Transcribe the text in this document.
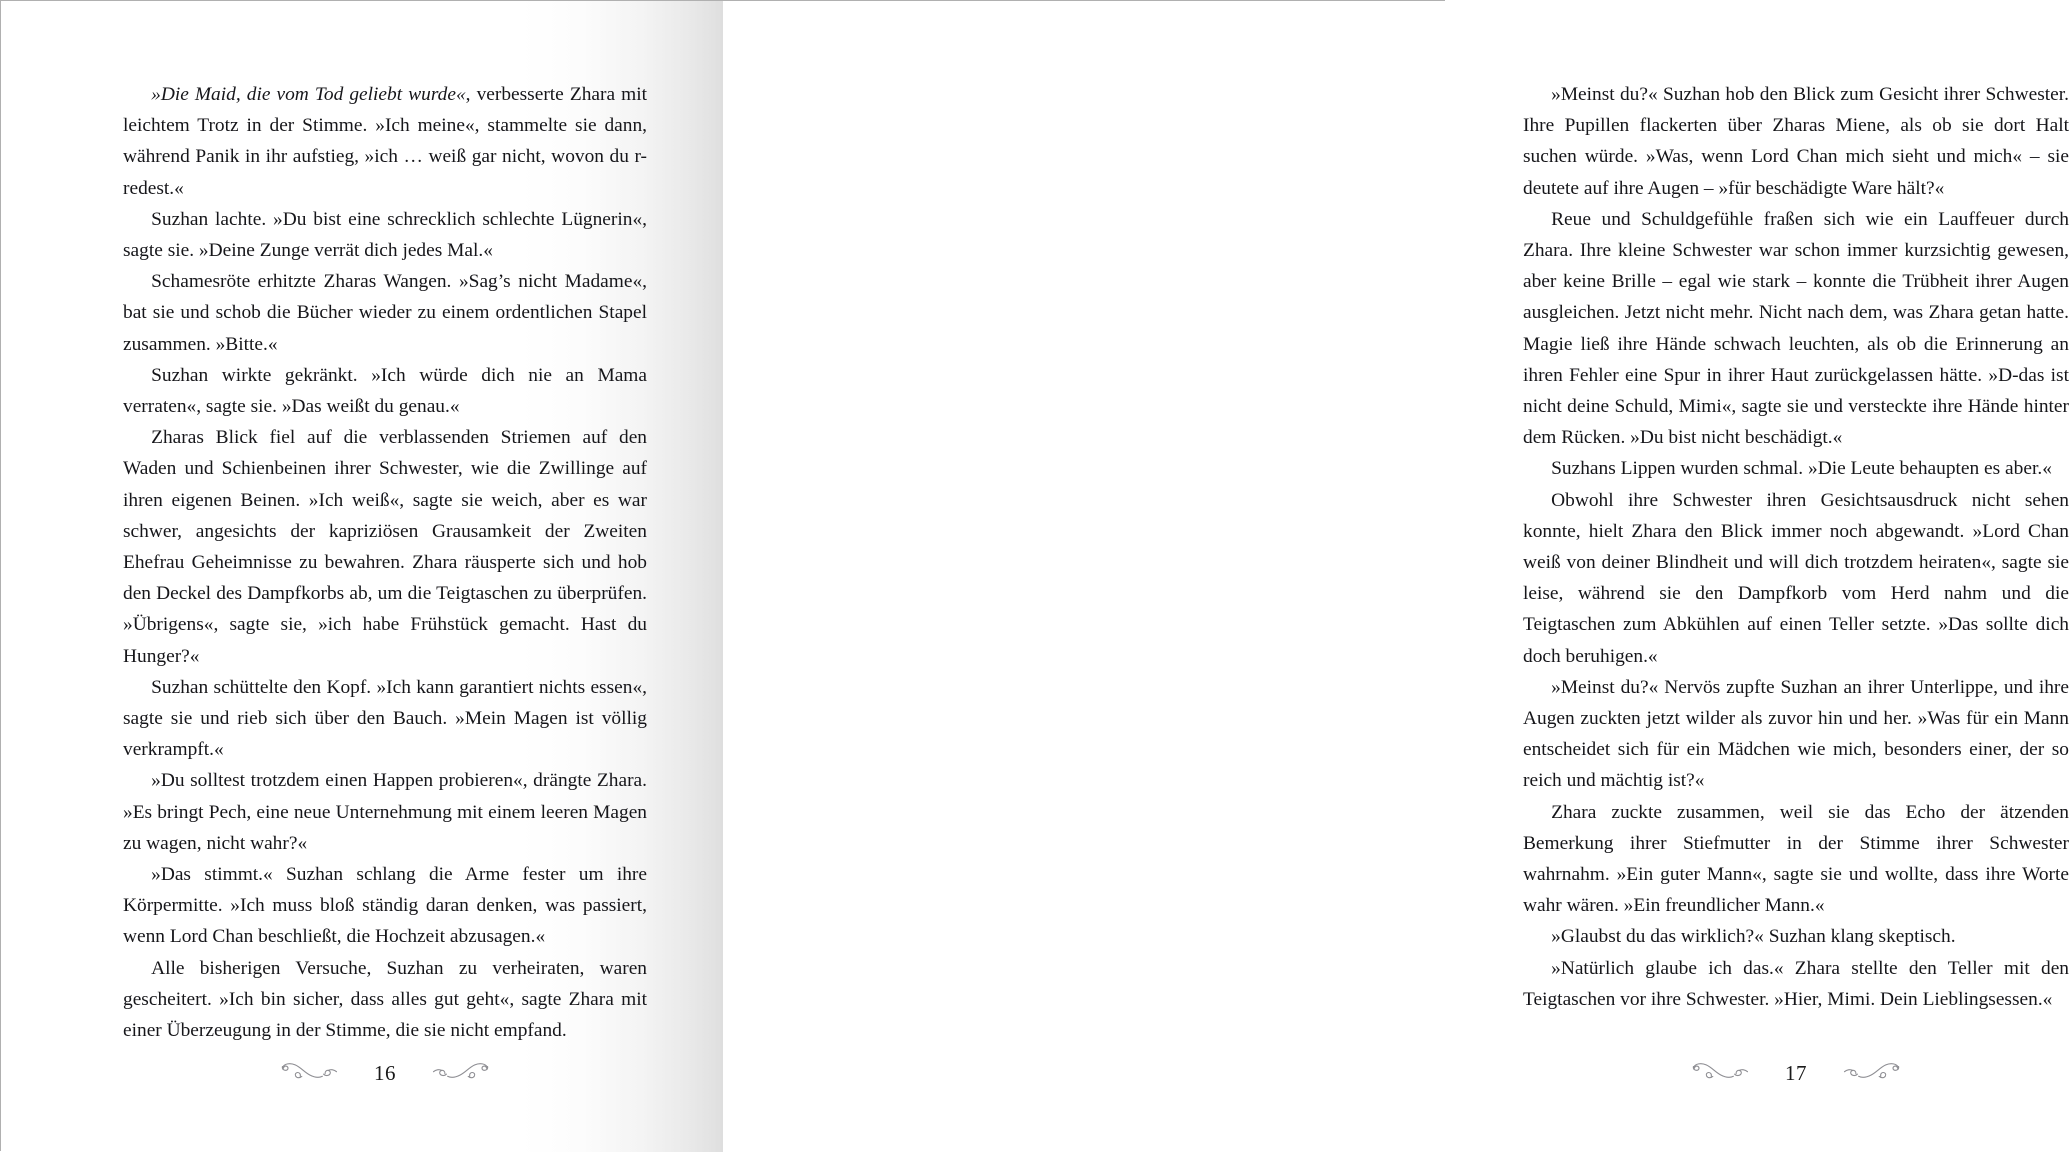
»Die Maid, die vom Tod geliebt wurde«, verbesserte Zhara mit leichtem Trotz in der Stimme. »Ich meine«, stammelte sie dann, während Panik in ihr aufstieg, »ich … weiß gar nicht, wovon du r-redest.«

Suzhan lachte. »Du bist eine schrecklich schlechte Lügnerin«, sagte sie. »Deine Zunge verrät dich jedes Mal.«

Schamesröte erhitzte Zharas Wangen. »Sag’s nicht Madame«, bat sie und schob die Bücher wieder zu einem ordentlichen Stapel zusammen. »Bitte.«

Suzhan wirkte gekränkt. »Ich würde dich nie an Mama verraten«, sagte sie. »Das weißt du genau.«

Zharas Blick fiel auf die verblassenden Striemen auf den Waden und Schienbeinen ihrer Schwester, wie die Zwillinge auf ihren eigenen Beinen. »Ich weiß«, sagte sie weich, aber es war schwer, angesichts der kapriziösen Grausamkeit der Zweiten Ehefrau Geheimnisse zu bewahren. Zhara räusperte sich und hob den Deckel des Dampfkorbs ab, um die Teigtaschen zu überprüfen. »Übrigens«, sagte sie, »ich habe Frühstück gemacht. Hast du Hunger?«

Suzhan schüttelte den Kopf. »Ich kann garantiert nichts essen«, sagte sie und rieb sich über den Bauch. »Mein Magen ist völlig verkrampft.«

»Du solltest trotzdem einen Happen probieren«, drängte Zhara. »Es bringt Pech, eine neue Unternehmung mit einem leeren Magen zu wagen, nicht wahr?«

»Das stimmt.« Suzhan schlang die Arme fester um ihre Körpermitte. »Ich muss bloß ständig daran denken, was passiert, wenn Lord Chan beschließt, die Hochzeit abzusagen.«

Alle bisherigen Versuche, Suzhan zu verheiraten, waren gescheitert. »Ich bin sicher, dass alles gut geht«, sagte Zhara mit einer Überzeugung in der Stimme, die sie nicht empfand.

16

»Meinst du?« Suzhan hob den Blick zum Gesicht ihrer Schwester. Ihre Pupillen flackerten über Zharas Miene, als ob sie dort Halt suchen würde. »Was, wenn Lord Chan mich sieht und mich« – sie deutete auf ihre Augen – »für beschädigte Ware hält?«

Reue und Schuldgefühle fraßen sich wie ein Lauffeuer durch Zhara. Ihre kleine Schwester war schon immer kurzsichtig gewesen, aber keine Brille – egal wie stark – konnte die Trübheit ihrer Augen ausgleichen. Jetzt nicht mehr. Nicht nach dem, was Zhara getan hatte. Magie ließ ihre Hände schwach leuchten, als ob die Erinnerung an ihren Fehler eine Spur in ihrer Haut zurückgelassen hätte. »D-das ist nicht deine Schuld, Mimi«, sagte sie und versteckte ihre Hände hinter dem Rücken. »Du bist nicht beschädigt.«

Suzhans Lippen wurden schmal. »Die Leute behaupten es aber.«

Obwohl ihre Schwester ihren Gesichtsausdruck nicht sehen konnte, hielt Zhara den Blick immer noch abgewandt. »Lord Chan weiß von deiner Blindheit und will dich trotzdem heiraten«, sagte sie leise, während sie den Dampfkorb vom Herd nahm und die Teigtaschen zum Abkühlen auf einen Teller setzte. »Das sollte dich doch beruhigen.«

»Meinst du?« Nervös zupfte Suzhan an ihrer Unterlippe, und ihre Augen zuckten jetzt wilder als zuvor hin und her. »Was für ein Mann entscheidet sich für ein Mädchen wie mich, besonders einer, der so reich und mächtig ist?«

Zhara zuckte zusammen, weil sie das Echo der ätzenden Bemerkung ihrer Stiefmutter in der Stimme ihrer Schwester wahrnahm. »Ein guter Mann«, sagte sie und wollte, dass ihre Worte wahr wären. »Ein freundlicher Mann.«

»Glaubst du das wirklich?« Suzhan klang skeptisch.

»Natürlich glaube ich das.« Zhara stellte den Teller mit den Teigtaschen vor ihre Schwester. »Hier, Mimi. Dein Lieblingsessen.«

17
